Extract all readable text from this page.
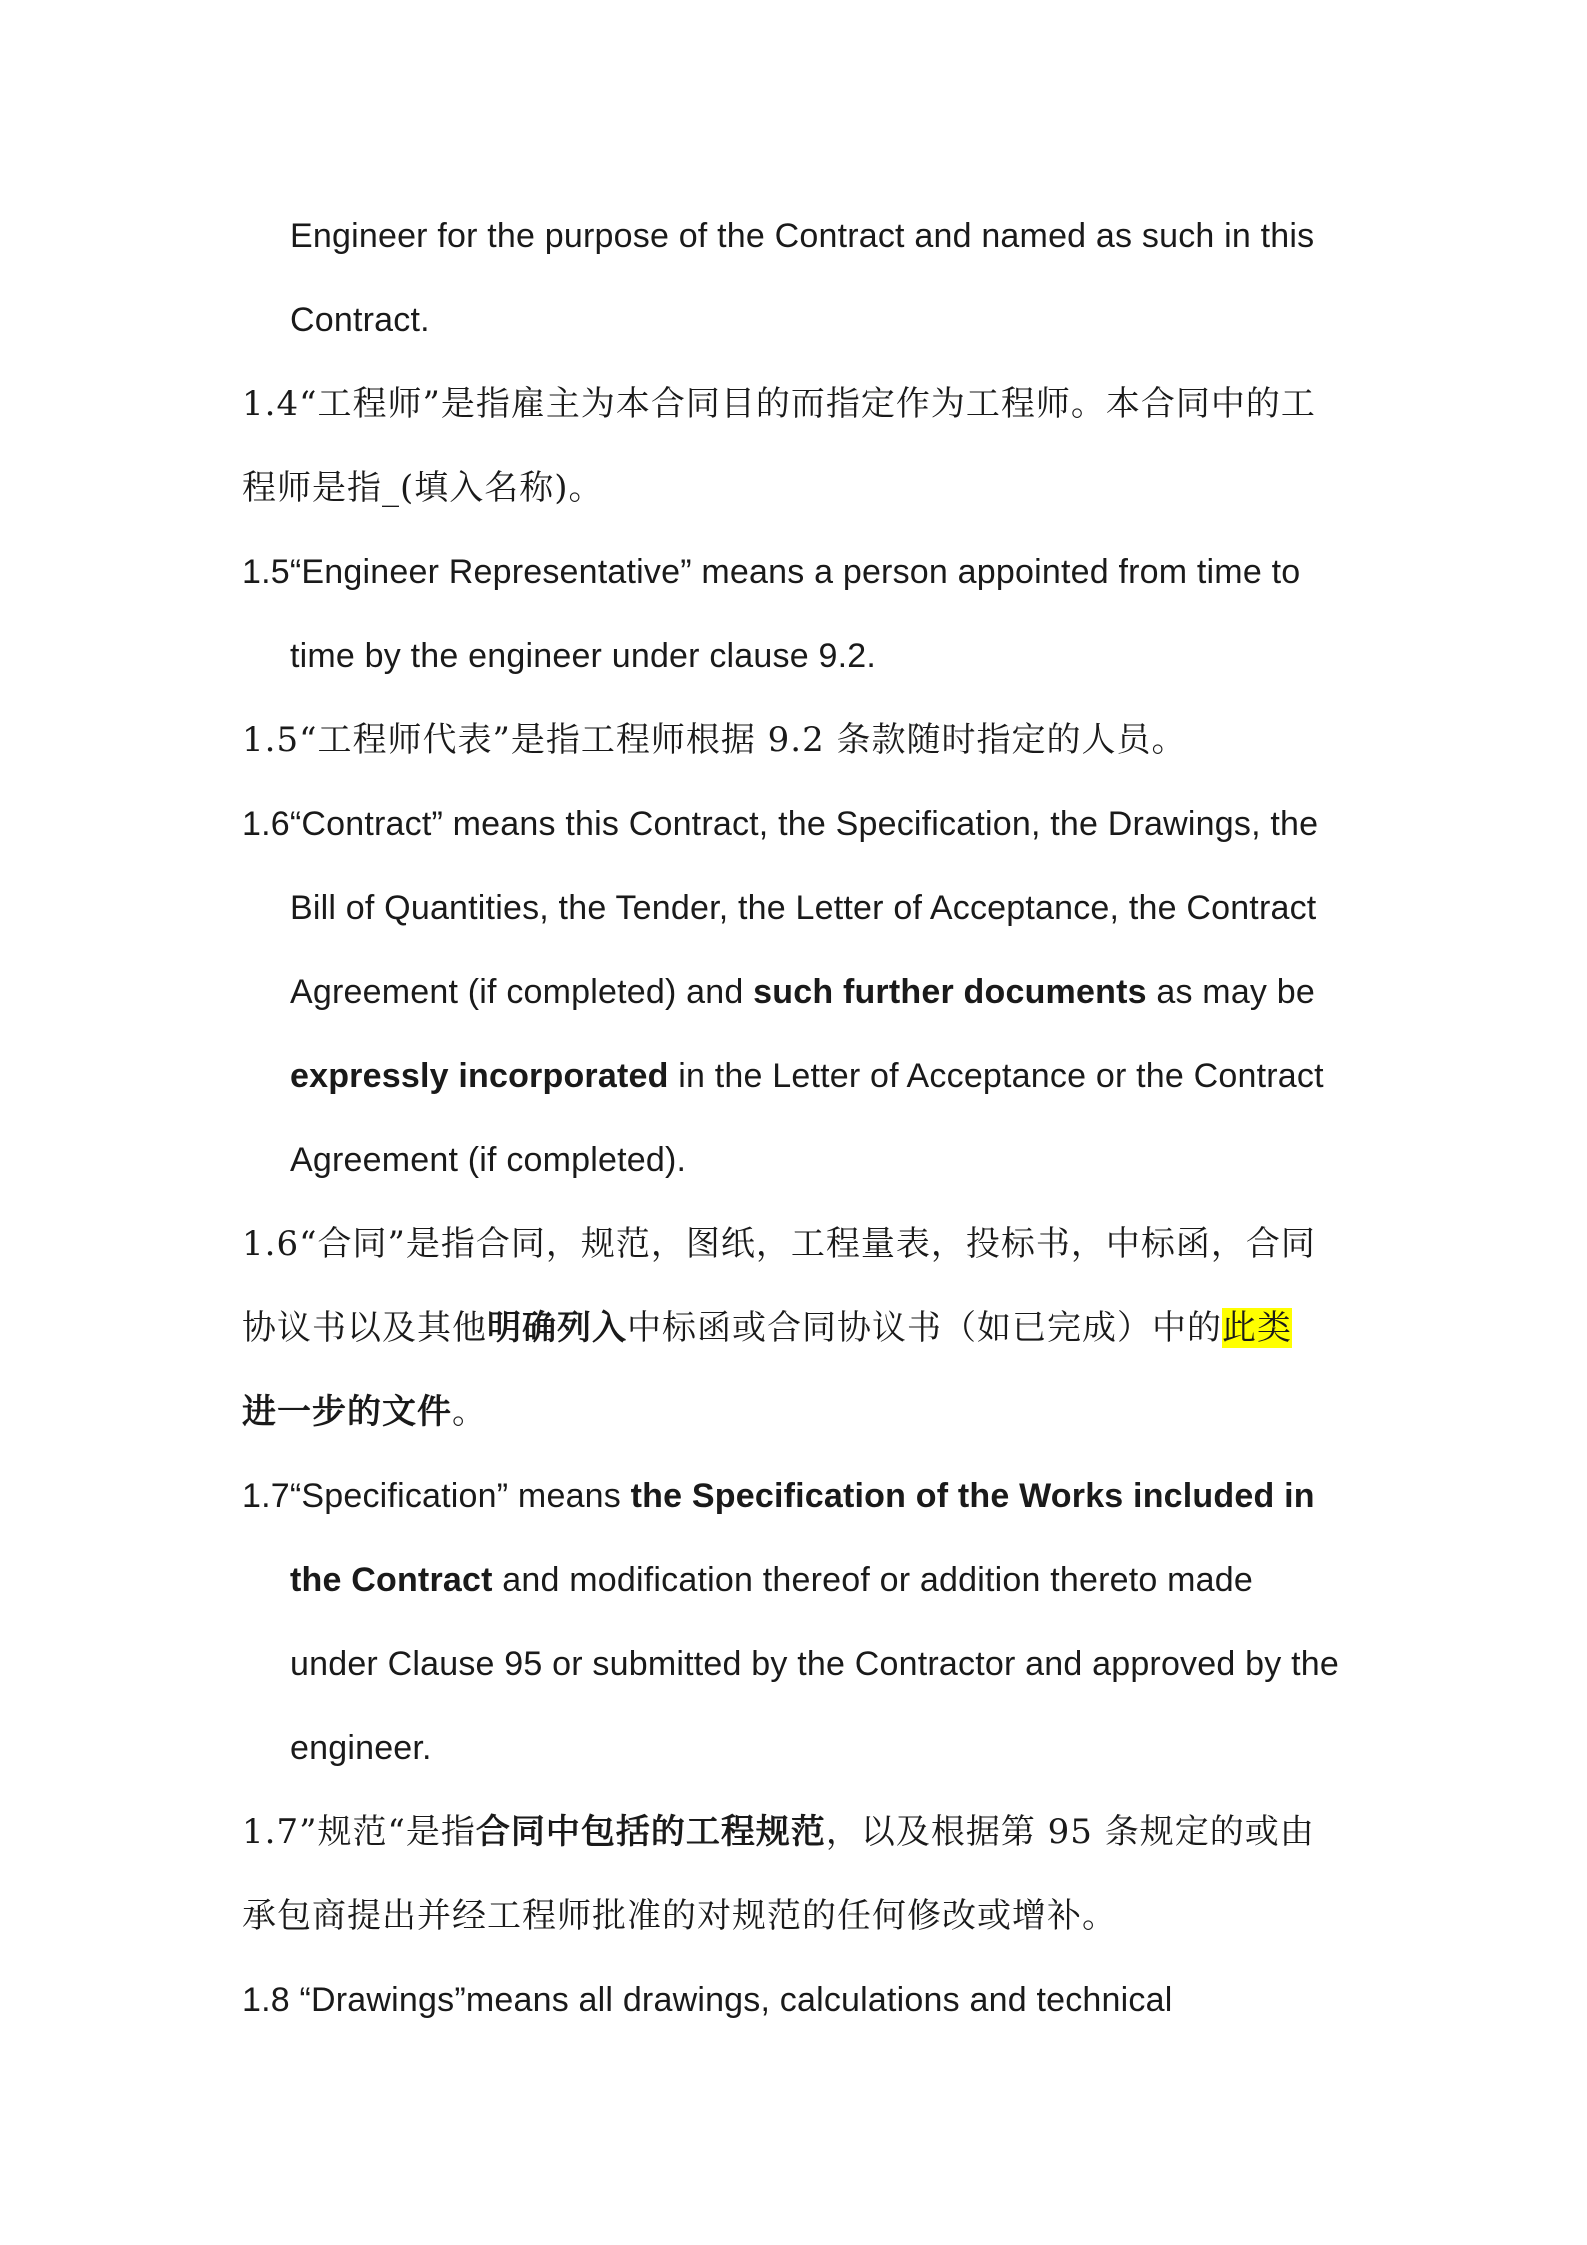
Engineer for the purpose of the Contract and named as such in this
Contract.
1.4“工程师”是指雇主为本合同目的而指定作为工程师。本合同中的工
程师是指_(填入名称)。
1.5“Engineer Representative” means a person appointed from time to
time by the engineer under clause 9.2.
1.5“工程师代表”是指工程师根据 9.2 条款随时指定的人员。
1.6“Contract” means this Contract, the Specification, the Drawings, the
Bill of Quantities, the Tender, the Letter of Acceptance, the Contract
Agreement (if completed) and such further documents as may be
expressly incorporated in the Letter of Acceptance or the Contract
Agreement (if completed).
1.6“合同”是指合同，规范，图纸，工程量表，投标书，中标函，合同
协议书以及其他明确列入中标函或合同协议书（如已完成）中的此类
进一步的文件。
1.7“Specification” means the Specification of the Works included in
the Contract and modification thereof or addition thereto made
under Clause 95 or submitted by the Contractor and approved by the
engineer.
1.7”规范“是指合同中包括的工程规范，以及根据第 95 条规定的或由
承包商提出并经工程师批准的对规范的任何修改或增补。
1.8 “Drawings”means all drawings, calculations and technical
